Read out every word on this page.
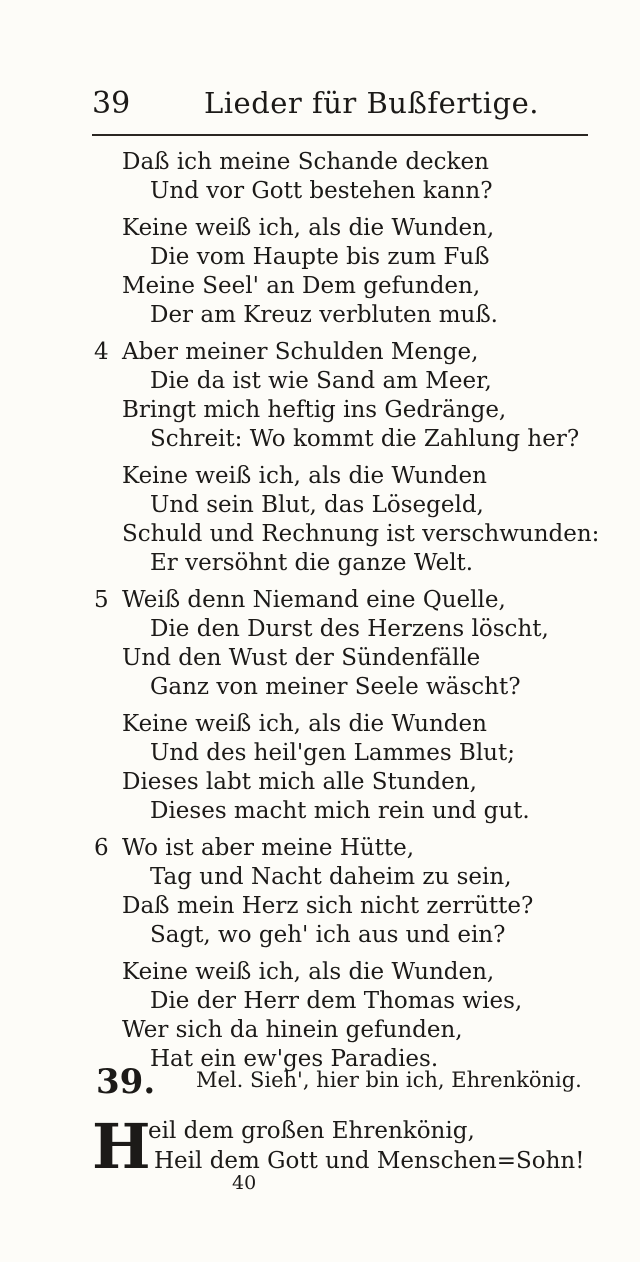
39	Lieder für Bußfertige.
Daß ich meine Schande decken
Und vor Gott bestehen kann?
Keine weiß ich, als die Wunden,
Die vom Haupte bis zum Fuß
Meine Seel' an Dem gefunden,
Der am Kreuz verbluten muß.
4 Aber meiner Schulden Menge,
Die da ist wie Sand am Meer,
Bringt mich heftig ins Gedränge,
Schreit: Wo kommt die Zahlung her?
Keine weiß ich, als die Wunden
Und sein Blut, das Lösegeld,
Schuld und Rechnung ist verschwunden:
Er versöhnt die ganze Welt.
5 Weiß denn Niemand eine Quelle,
Die den Durst des Herzens löscht,
Und den Wust der Sündenfälle
Ganz von meiner Seele wäscht?
Keine weiß ich, als die Wunden
Und des heil'gen Lammes Blut;
Dieses labt mich alle Stunden,
Dieses macht mich rein und gut.
6 Wo ist aber meine Hütte,
Tag und Nacht daheim zu sein,
Daß mein Herz sich nicht zerrütte?
Sagt, wo geh' ich aus und ein?
Keine weiß ich, als die Wunden,
Die der Herr dem Thomas wies,
Wer sich da hinein gefunden,
Hat ein ew'ges Paradies.
39. Mel. Sieh', hier bin ich, Ehrenkönig.
H
eil dem großen Ehrenkönig,
Heil dem Gott und Menschen=Sohn!
40
